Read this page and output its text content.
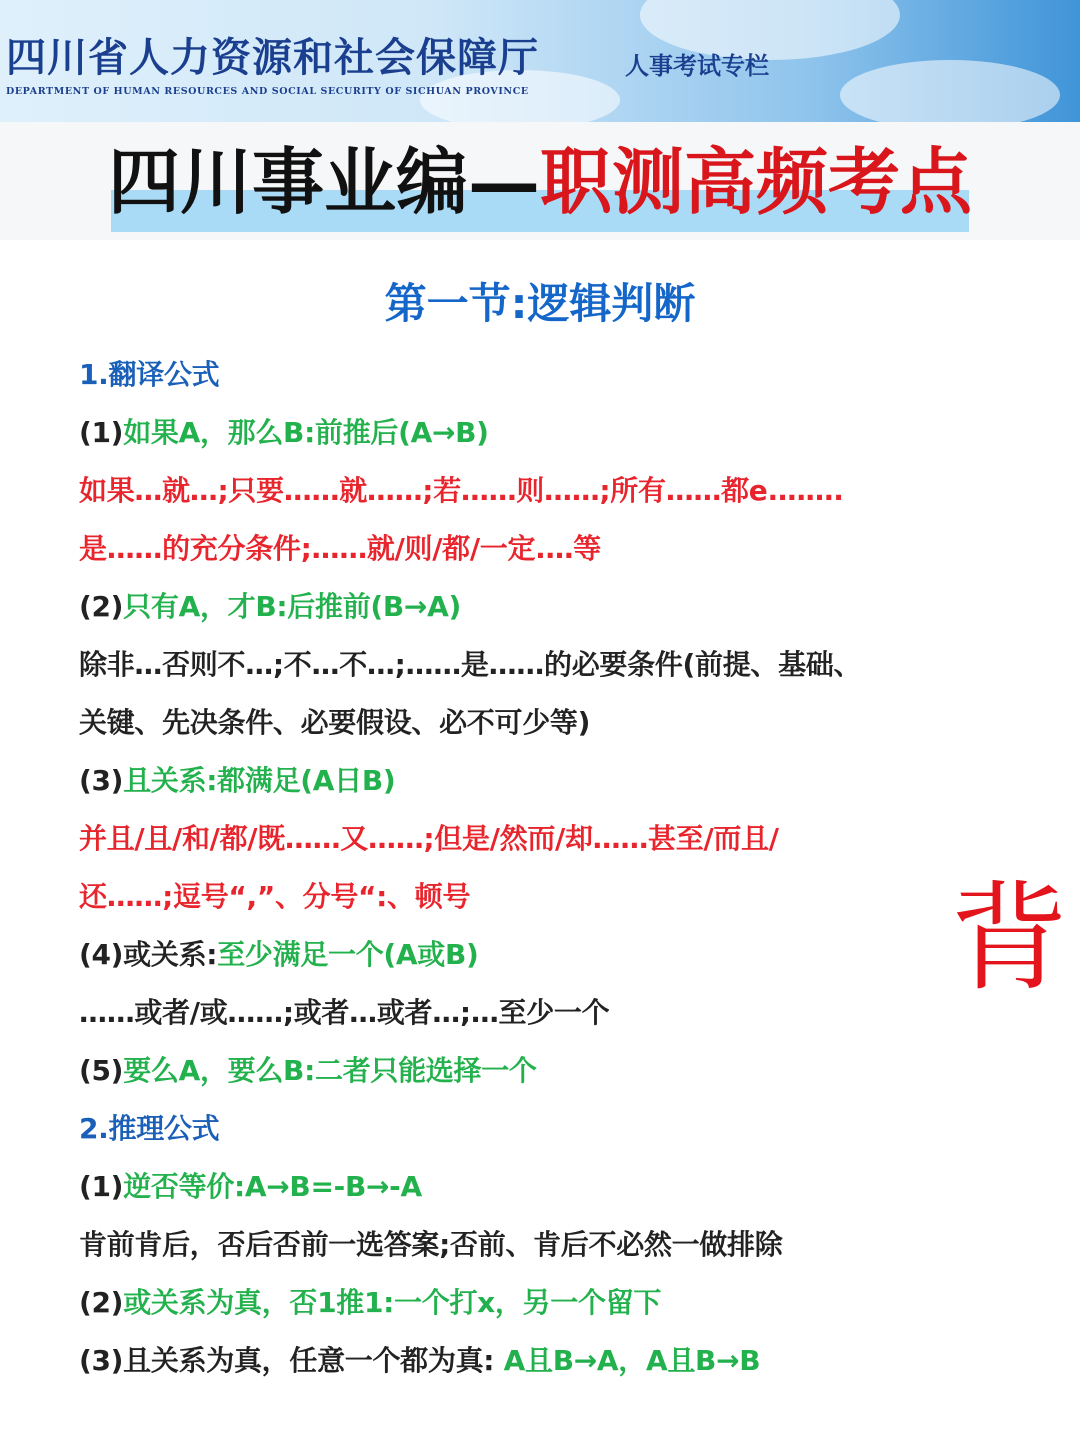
四川省人力资源和社会保障厅
DEPARTMENT OF HUMAN RESOURCES AND SOCIAL SECURITY OF SICHUAN PROVINCE
人事考试专栏
四川事业编—职测高频考点
第一节:逻辑判断
1.翻译公式
(1)如果A，那么B:前推后(A→B)
如果…就…;只要……就……;若……则……;所有……都e.…….
是……的充分条件;……就/则/都/一定.…等
(2)只有A，才B:后推前(B→A)
除非…否则不…;不…不…;……是……的必要条件(前提、基础、
关键、先决条件、必要假设、必不可少等)
(3)且关系:都满足(A日B)
并且/且/和/都/既……又……;但是/然而/却……甚至/而且/
还……;逗号“,”、分号“:、顿号
(4)或关系:至少满足一个(A或B)
……或者/或……;或者…或者…;…至少一个
(5)要么A，要么B:二者只能选择一个
2.推理公式
(1)逆否等价:A→B=-B→-A
肯前肯后，否后否前一选答案;否前、肯后不必然一做排除
(2)或关系为真，否1推1:一个打x，另一个留下
(3)且关系为真，任意一个都为真: A且B→A，A且B→B
背
